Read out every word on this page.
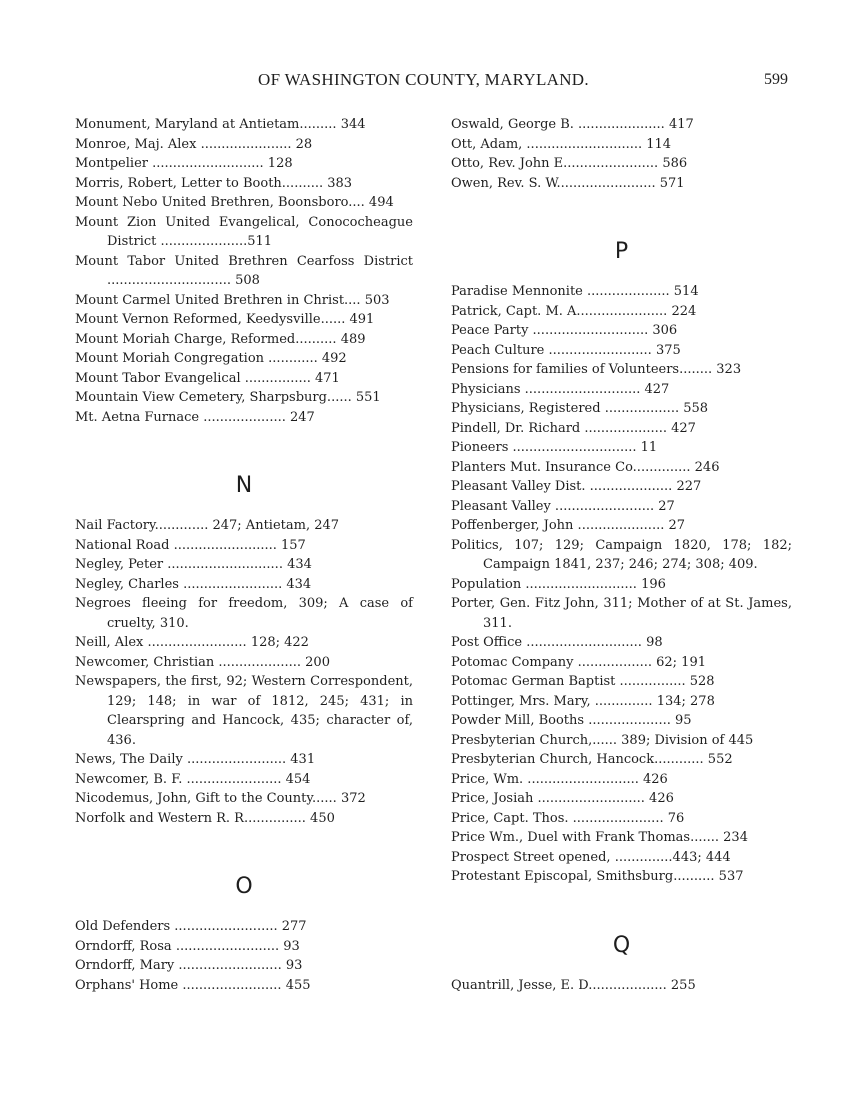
OF WASHINGTON COUNTY, MARYLAND.	599
Monument, Maryland at Antietam......... 344
Monroe, Maj. Alex ...................... 28
Montpelier ........................... 128
Morris, Robert, Letter to Booth.......... 383
Mount Nebo United Brethren, Boonsboro.... 494
Mount Zion United Evangelical, Conococheague District .....................511
Mount Tabor United Brethren Cearfoss District .............................. 508
Mount Carmel United Brethren in Christ.... 503
Mount Vernon Reformed, Keedysville...... 491
Mount Moriah Charge, Reformed.......... 489
Mount Moriah Congregation ............ 492
Mount Tabor Evangelical ................ 471
Mountain View Cemetery, Sharpsburg...... 551
Mt. Aetna Furnace .................... 247
N
Nail Factory............. 247; Antietam, 247
National Road ......................... 157
Negley, Peter ............................ 434
Negley, Charles ........................ 434
Negroes fleeing for freedom, 309; A case of cruelty, 310.
Neill, Alex ........................ 128; 422
Newcomer, Christian .................... 200
Newspapers, the first, 92; Western Correspondent, 129; 148; in war of 1812, 245; 431; in Clearspring and Hancock, 435; character of, 436.
News, The Daily ........................ 431
Newcomer, B. F. ....................... 454
Nicodemus, John, Gift to the County...... 372
Norfolk and Western R. R............... 450
O
Old Defenders ......................... 277
Orndorff, Rosa ......................... 93
Orndorff, Mary ......................... 93
Orphans' Home ........................ 455
Oswald, George B. ..................... 417
Ott, Adam, ............................ 114
Otto, Rev. John E....................... 586
Owen, Rev. S. W........................ 571
P
Paradise Mennonite .................... 514
Patrick, Capt. M. A...................... 224
Peace Party ............................ 306
Peach Culture ......................... 375
Pensions for families of Volunteers........ 323
Physicians ............................ 427
Physicians, Registered .................. 558
Pindell, Dr. Richard .................... 427
Pioneers .............................. 11
Planters Mut. Insurance Co.............. 246
Pleasant Valley Dist. .................... 227
Pleasant Valley ........................ 27
Poffenberger, John ..................... 27
Politics, 107; 129; Campaign 1820, 178; 182; Campaign 1841, 237; 246; 274; 308; 409.
Population ........................... 196
Porter, Gen. Fitz John, 311; Mother of at St. James, 311.
Post Office ............................ 98
Potomac Company .................. 62; 191
Potomac German Baptist ................ 528
Pottinger, Mrs. Mary, .............. 134; 278
Powder Mill, Booths .................... 95
Presbyterian Church,...... 389; Division of 445
Presbyterian Church, Hancock............ 552
Price, Wm. ........................... 426
Price, Josiah .......................... 426
Price, Capt. Thos. ...................... 76
Price Wm., Duel with Frank Thomas....... 234
Prospect Street opened, ..............443; 444
Protestant Episcopal, Smithsburg.......... 537
Q
Quantrill, Jesse, E. D................... 255
